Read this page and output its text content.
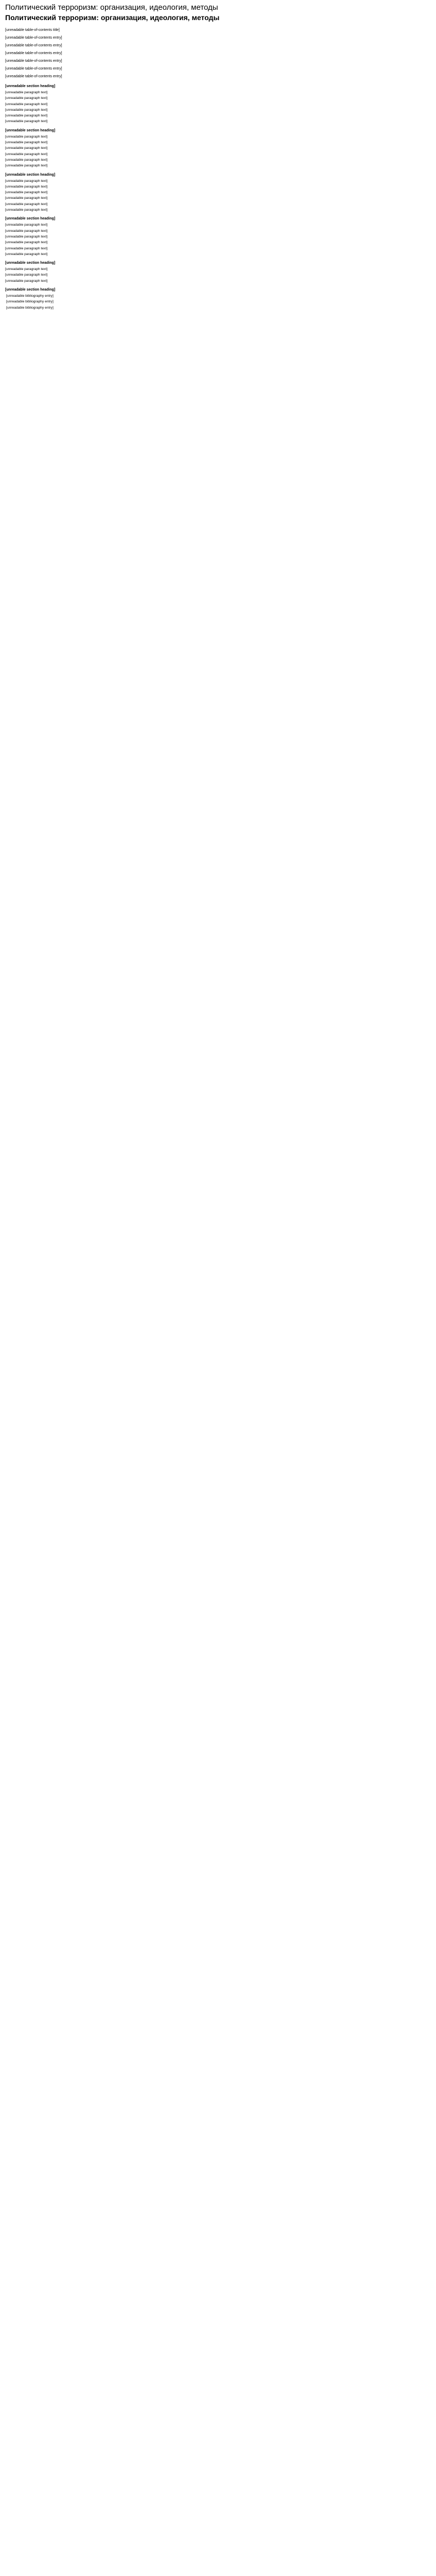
Политический терроризм: организация, идеология, методы
Политический терроризм: организация, идеология, методы
[unreadable table-of-contents title]
[unreadable table-of-contents entry]
[unreadable table-of-contents entry]
[unreadable table-of-contents entry]
[unreadable table-of-contents entry]
[unreadable table-of-contents entry]
[unreadable table-of-contents entry]
[unreadable section heading]

[unreadable paragraph text]

[unreadable paragraph text]

[unreadable paragraph text]

[unreadable paragraph text]

[unreadable paragraph text]

[unreadable paragraph text]

[unreadable section heading]

[unreadable paragraph text]

[unreadable paragraph text]

[unreadable paragraph text]

[unreadable paragraph text]

[unreadable paragraph text]

[unreadable paragraph text]

[unreadable section heading]

[unreadable paragraph text]

[unreadable paragraph text]

[unreadable paragraph text]

[unreadable paragraph text]

[unreadable paragraph text]

[unreadable paragraph text]

[unreadable section heading]

[unreadable paragraph text]

[unreadable paragraph text]

[unreadable paragraph text]

[unreadable paragraph text]

[unreadable paragraph text]

[unreadable paragraph text]

[unreadable section heading]

[unreadable paragraph text]

[unreadable paragraph text]

[unreadable paragraph text]

[unreadable section heading]
[unreadable bibliography entry]
[unreadable bibliography entry]
[unreadable bibliography entry]
